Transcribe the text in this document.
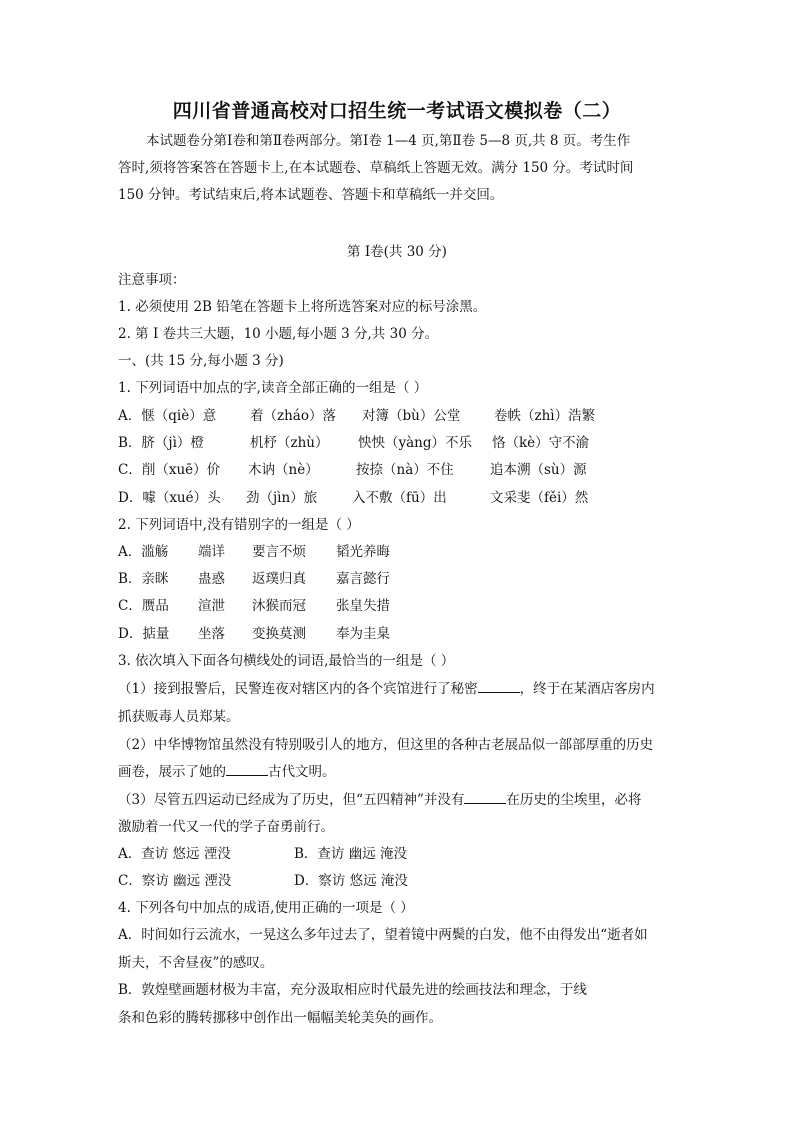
四川省普通高校对口招生统一考试语文模拟卷（二）

本试题卷分第Ⅰ卷和第Ⅱ卷两部分。第Ⅰ卷 1—4 页,第Ⅱ卷 5—8 页,共 8 页。考生作

答时,须将答案答在答题卡上,在本试题卷、草稿纸上答题无效。满分 150 分。考试时间

150 分钟。考试结束后,将本试题卷、答题卡和草稿纸一并交回。

第 Ⅰ卷(共 30 分)
注意事项：
1. 必须使用 2B 铅笔在答题卡上将所选答案对应的标号涂黑。
2. 第 Ⅰ 卷共三大题，10 小题,每小题 3 分,共 30 分。
一、(共 15 分,每小题 3 分)
1. 下列词语中加点的字,读音全部正确的一组是（ ）
A．惬（qiè）意	着（zháo）落 对簿（bù）公堂 卷帙（zhì）浩繁
B．脐（jì）橙	机杼（zhù） 怏怏（yàng）不乐 恪（kè）守不渝
C．削（xuē）价 木讷（nè）	按捺（nà）不住	追本溯（sù）源
D．噱（xué）头 劲（jìn）旅	入不敷（fū）出	文采斐（fěi）然
2. 下列词语中,没有错别字的一组是（ ）
A．滥觞 端详 要言不烦 韬光养晦
B．亲眯 蛊惑 返璞归真 嘉言懿行
C．赝品 渲泄 沐猴而冠 张皇失措
D．掂量 坐落 变换莫测 奉为圭臬
3. 依次填入下面各句横线处的词语,最恰当的一组是（ ）
（1）接到报警后，民警连夜对辖区内的各个宾馆进行了秘密	，终于在某酒店客房内
抓获贩毒人员郑某。
（2）中华博物馆虽然没有特别吸引人的地方，但这里的各种古老展品似一部部厚重的历史
画卷，展示了她的	古代文明。
（3）尽管五四运动已经成为了历史，但“五四精神”并没有	在历史的尘埃里，必将
激励着一代又一代的学子奋勇前行。
A．查访 悠远 湮没	B．查访 幽远 淹没
C．察访 幽远 湮没	D．察访 悠远 淹没
4. 下列各句中加点的成语,使用正确的一项是（ ）
A．时间如行云流水，一晃这么多年过去了，望着镜中两鬓的白发，他不由得发出“逝者如
斯夫，不舍昼夜”的感叹。
B．敦煌壁画题材极为丰富，充分汲取相应时代最先进的绘画技法和理念，于线
条和色彩的腾转挪移中创作出一幅幅美轮美奂的画作。
